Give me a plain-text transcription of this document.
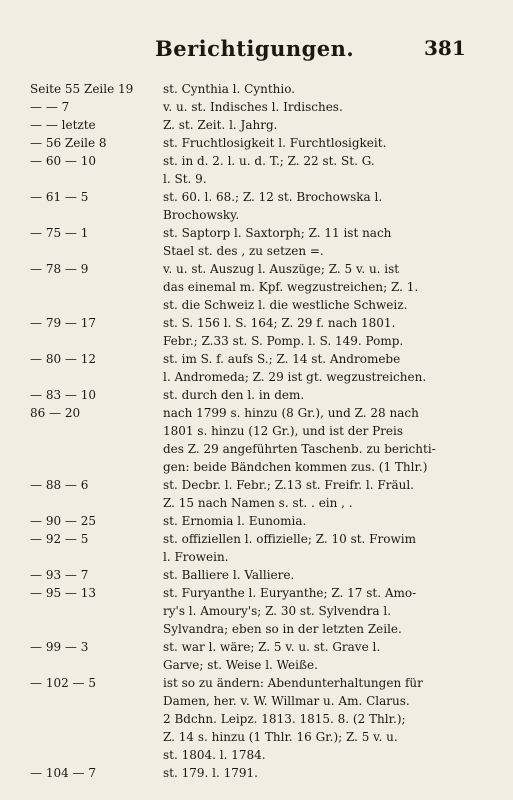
Berichtigungen.	381
Seite 55 Zeile 19	st. Cynthia l. Cynthio.
— — 7	v. u. st. Indisches l. Irdisches.
— — letzte	Z. st. Zeit. l. Jahrg.
— 56 Zeile 8	st. Fruchtlosigkeit l. Furchtlosigkeit.
— 60 — 10	st. in d. 2. l. u. d. T.; Z. 22 st. St. G.
l. St. 9.
— 61 — 5	st. 60. l. 68.; Z. 12 st. Brochowska l.
Brochowsky.
— 75 — 1	st. Saptorp l. Saxtorph; Z. 11 ist nach
Stael st. des , zu setzen =.
— 78 — 9	v. u. st. Auszug l. Auszüge; Z. 5 v. u. ist
das einemal m. Kpf. wegzustreichen; Z. 1.
st. die Schweiz l. die westliche Schweiz.
— 79 — 17	st. S. 156 l. S. 164; Z. 29 f. nach 1801.
Febr.; Z.33 st. S. Pomp. l. S. 149. Pomp.
— 80 — 12	st. im S. f. aufs S.; Z. 14 st. Andromebe
l. Andromeda; Z. 29 ist gt. wegzustreichen.
— 83 — 10	st. durch den l. in dem.
86 — 20	nach 1799 s. hinzu (8 Gr.), und Z. 28 nach
1801 s. hinzu (12 Gr.), und ist der Preis
des Z. 29 angeführten Taschenb. zu berichti-
gen: beide Bändchen kommen zus. (1 Thlr.)
— 88 — 6	st. Decbr. l. Febr.; Z.13 st. Freifr. l. Fräul.
Z. 15 nach Namen s. st. . ein , .
— 90 — 25	st. Ernomia l. Eunomia.
— 92 — 5	st. offiziellen l. offizielle; Z. 10 st. Frowim
l. Frowein.
— 93 — 7	st. Balliere l. Valliere.
— 95 — 13	st. Furyanthe l. Euryanthe; Z. 17 st. Amo-
ry's l. Amoury's; Z. 30 st. Sylvendra l.
Sylvandra; eben so in der letzten Zeile.
— 99 — 3	st. war l. wäre; Z. 5 v. u. st. Grave l.
Garve; st. Weise l. Weiße.
— 102 — 5	ist so zu ändern: Abendunterhaltungen für
Damen, her. v. W. Willmar u. Am. Clarus.
2 Bdchn. Leipz. 1813. 1815. 8. (2 Thlr.);
Z. 14 s. hinzu (1 Thlr. 16 Gr.); Z. 5 v. u.
st. 1804. l. 1784.
— 104 — 7	st. 179. l. 1791.
